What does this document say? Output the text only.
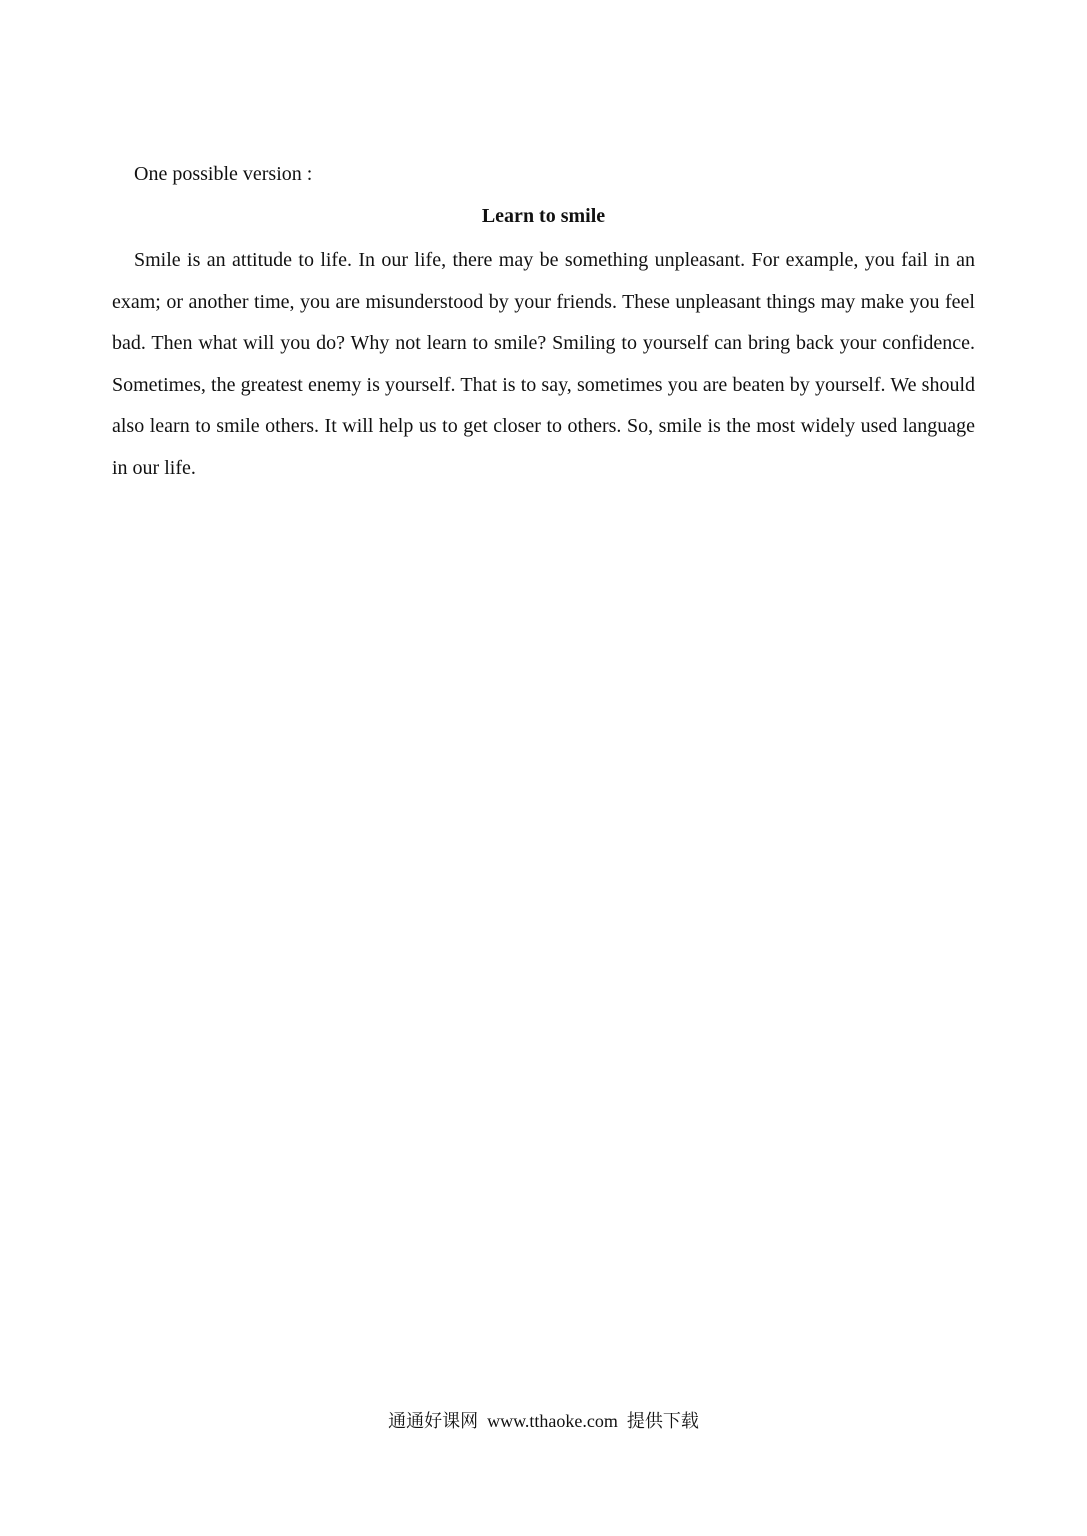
One possible version :

Learn to smile

Smile is an attitude to life. In our life, there may be something unpleasant. For example, you fail in an exam; or another time, you are misunderstood by your friends. These unpleasant things may make you feel bad. Then what will you do? Why not learn to smile? Smiling to yourself can bring back your confidence. Sometimes, the greatest enemy is yourself. That is to say, sometimes you are beaten by yourself. We should also learn to smile others. It will help us to get closer to others. So, smile is the most widely used language in our life.

通通好课网  www.tthaoke.com  提供下载
